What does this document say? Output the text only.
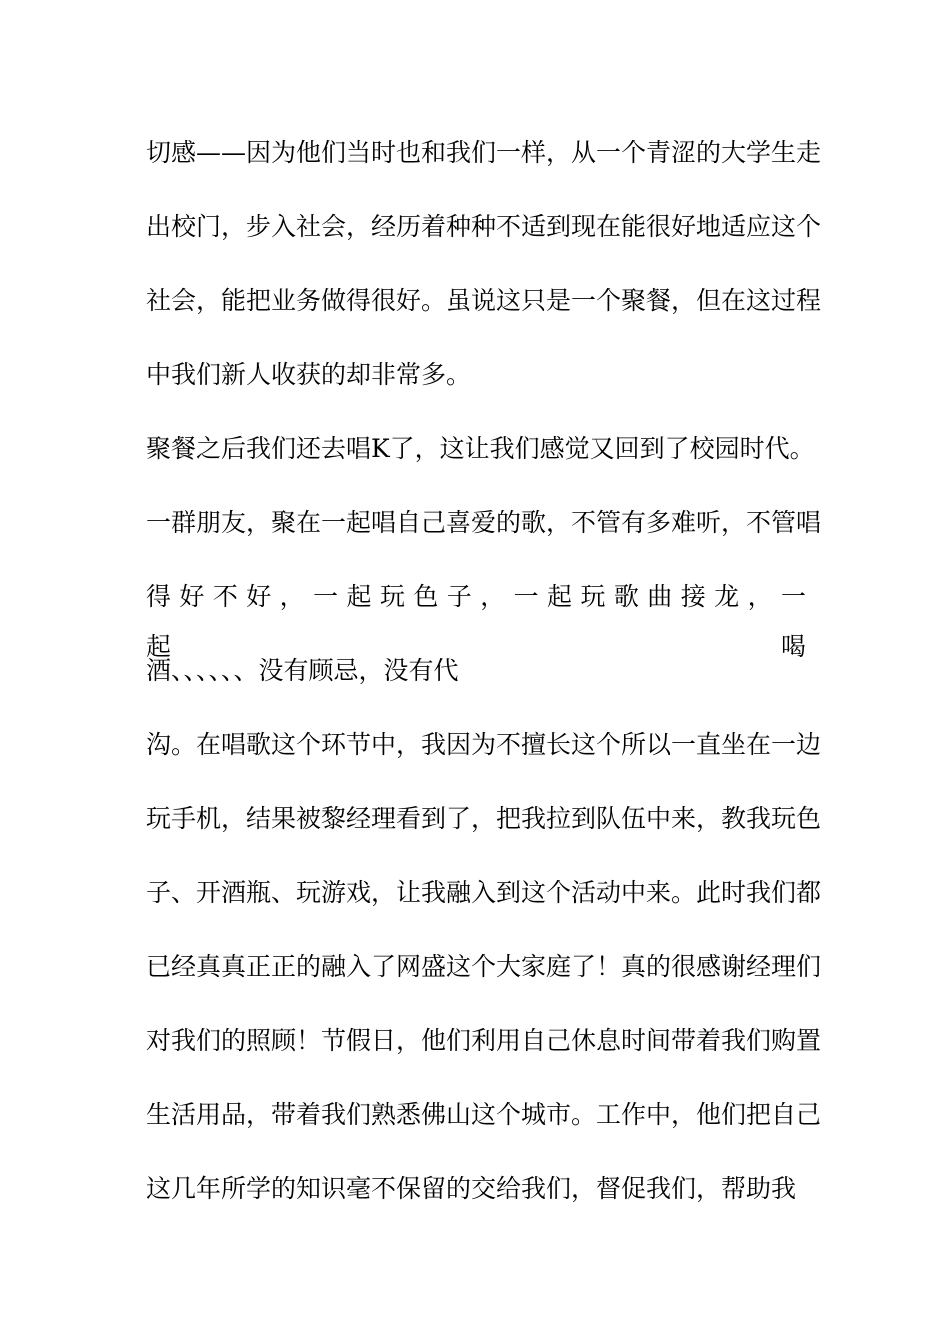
切感——因为他们当时也和我们一样，从一个青涩的大学生走
出校门，步入社会，经历着种种不适到现在能很好地适应这个
社会，能把业务做得很好。虽说这只是一个聚餐，但在这过程
中我们新人收获的却非常多。
聚餐之后我们还去唱K了，这让我们感觉又回到了校园时代。
一群朋友，聚在一起唱自己喜爱的歌，不管有多难听，不管唱
得 好 不 好 ， 一 起 玩 色 子 ， 一 起 玩 歌 曲 接 龙 ， 一 起 喝
酒、、、、、、没有顾忌，没有代
沟。在唱歌这个环节中，我因为不擅长这个所以一直坐在一边
玩手机，结果被黎经理看到了，把我拉到队伍中来，教我玩色
子、开酒瓶、玩游戏，让我融入到这个活动中来。此时我们都
已经真真正正的融入了网盛这个大家庭了！真的很感谢经理们
对我们的照顾！节假日，他们利用自己休息时间带着我们购置
生活用品，带着我们熟悉佛山这个城市。工作中，他们把自己
这几年所学的知识毫不保留的交给我们，督促我们，帮助我
